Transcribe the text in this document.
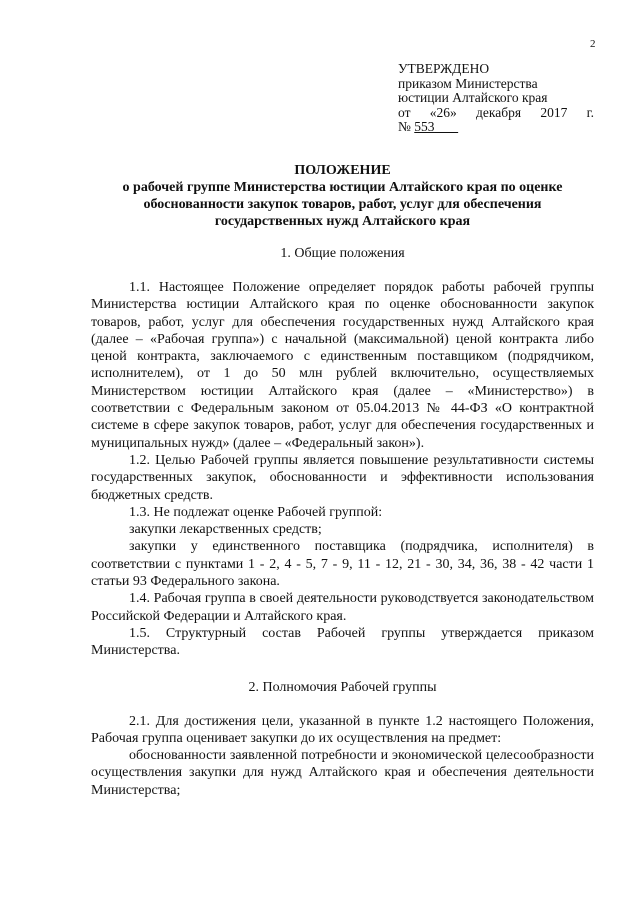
2
УТВЕРЖДЕНО
приказом Министерства
юстиции Алтайского края
от «26» декабря 2017 г.
№ 553
ПОЛОЖЕНИЕ
о рабочей группе Министерства юстиции Алтайского края по оценке
обоснованности закупок товаров, работ, услуг для обеспечения
государственных нужд Алтайского края
1. Общие положения

1.1. Настоящее Положение определяет порядок работы рабочей группы Министерства юстиции Алтайского края по оценке обоснованности закупок товаров, работ, услуг для обеспечения государственных нужд Алтайского края (далее – «Рабочая группа») с начальной (максимальной) ценой контракта либо ценой контракта, заключаемого с единственным поставщиком (подрядчиком, исполнителем), от 1 до 50 млн рублей включительно, осуществляемых Министерством юстиции Алтайского края (далее – «Министерство») в соответствии с Федеральным законом от 05.04.2013 № 44-ФЗ «О контрактной системе в сфере закупок товаров, работ, услуг для обеспечения государственных и муниципальных нужд» (далее – «Федеральный закон»).

1.2. Целью Рабочей группы является повышение результативности системы государственных закупок, обоснованности и эффективности использования бюджетных средств.

1.3. Не подлежат оценке Рабочей группой:

закупки лекарственных средств;

закупки у единственного поставщика (подрядчика, исполнителя) в соответствии с пунктами 1 - 2, 4 - 5, 7 - 9, 11 - 12, 21 - 30, 34, 36, 38 - 42 части 1 статьи 93 Федерального закона.

1.4. Рабочая группа в своей деятельности руководствуется законодательством Российской Федерации и Алтайского края.

1.5. Структурный состав Рабочей группы утверждается приказом Министерства.

2. Полномочия Рабочей группы

2.1. Для достижения цели, указанной в пункте 1.2 настоящего Положения, Рабочая группа оценивает закупки до их осуществления на предмет:

обоснованности заявленной потребности и экономической целесообразности осуществления закупки для нужд Алтайского края и обеспечения деятельности Министерства;
